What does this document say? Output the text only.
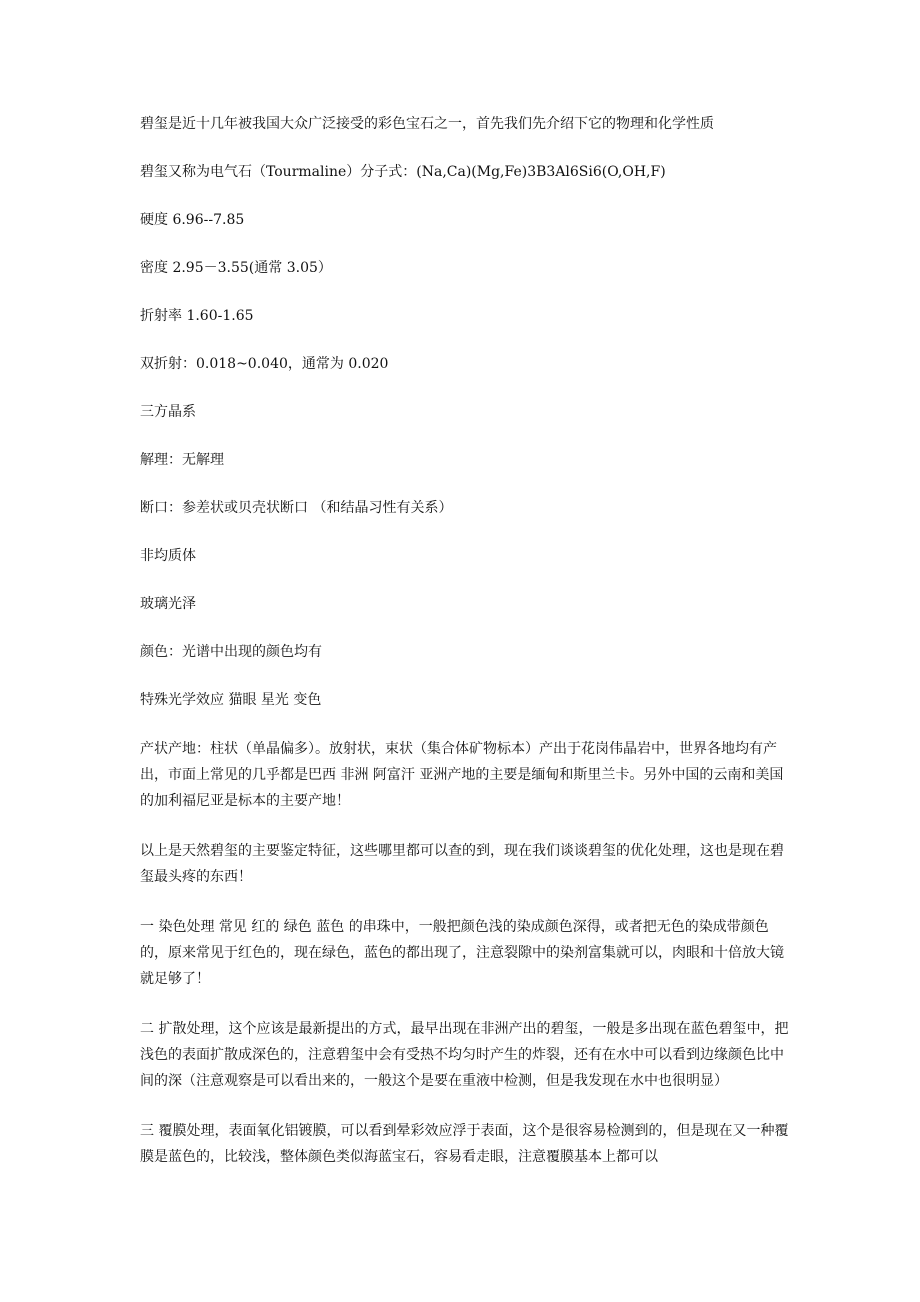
碧玺是近十几年被我国大众广泛接受的彩色宝石之一，首先我们先介绍下它的物理和化学性质
碧玺又称为电气石（Tourmaline）分子式：(Na,Ca)(Mg,Fe)3B3Al6Si6(O,OH,F)
硬度 6.96--7.85
密度 2.95－3.55(通常 3.05）
折射率 1.60-1.65
双折射：0.018~0.040，通常为 0.020
三方晶系
解理：无解理
断口：参差状或贝壳状断口 （和结晶习性有关系）
非均质体
玻璃光泽
颜色：光谱中出现的颜色均有
特殊光学效应 猫眼 星光 变色
产状产地：柱状（单晶偏多）。放射状，束状（集合体矿物标本）产出于花岗伟晶岩中，世界各地均有产出，市面上常见的几乎都是巴西 非洲 阿富汗 亚洲产地的主要是缅甸和斯里兰卡。另外中国的云南和美国的加利福尼亚是标本的主要产地！
以上是天然碧玺的主要鉴定特征，这些哪里都可以查的到，现在我们谈谈碧玺的优化处理，这也是现在碧玺最头疼的东西！
一 染色处理 常见 红的 绿色 蓝色 的串珠中，一般把颜色浅的染成颜色深得，或者把无色的染成带颜色的，原来常见于红色的，现在绿色，蓝色的都出现了，注意裂隙中的染剂富集就可以，肉眼和十倍放大镜就足够了！
二 扩散处理，这个应该是最新提出的方式，最早出现在非洲产出的碧玺，一般是多出现在蓝色碧玺中，把浅色的表面扩散成深色的，注意碧玺中会有受热不均匀时产生的炸裂，还有在水中可以看到边缘颜色比中间的深（注意观察是可以看出来的，一般这个是要在重液中检测，但是我发现在水中也很明显）
三 覆膜处理，表面氧化铝镀膜，可以看到晕彩效应浮于表面，这个是很容易检测到的，但是现在又一种覆膜是蓝色的，比较浅，整体颜色类似海蓝宝石，容易看走眼，注意覆膜基本上都可以
